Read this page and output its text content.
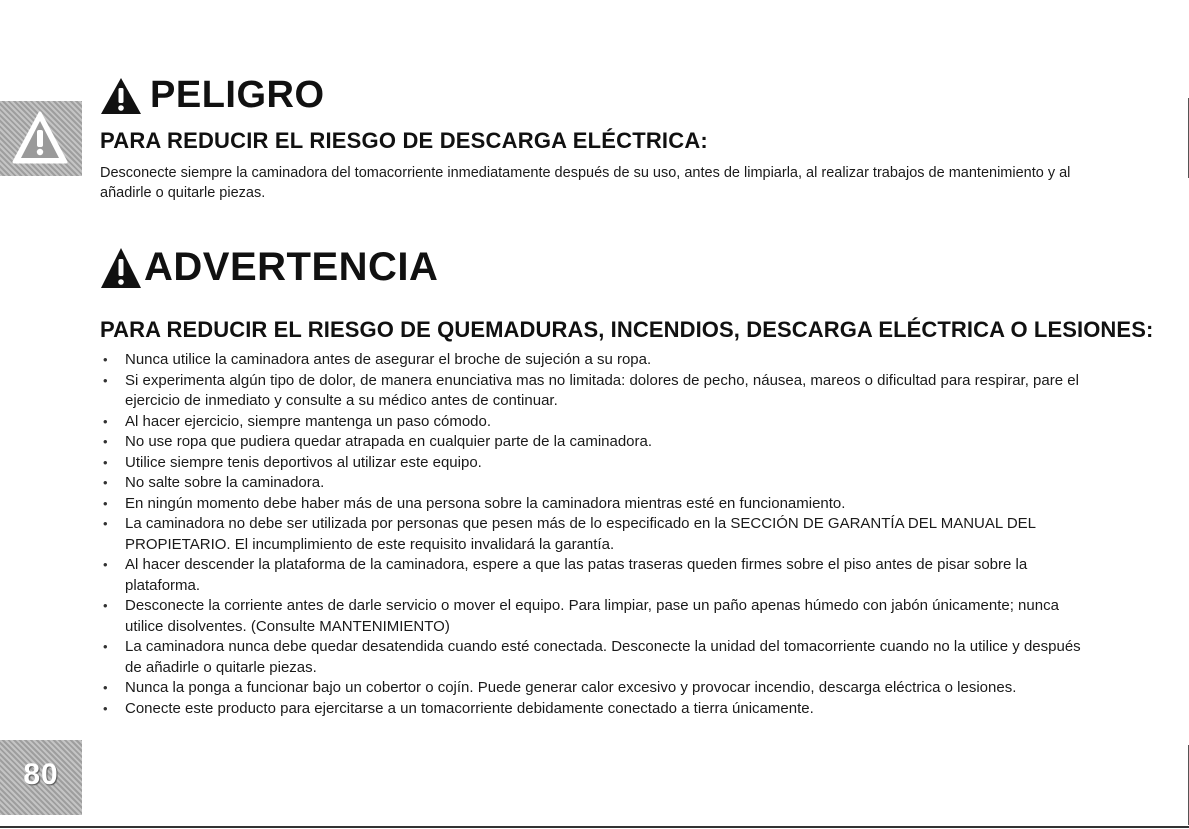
PELIGRO
PARA REDUCIR EL RIESGO DE DESCARGA ELÉCTRICA:

Desconecte siempre la caminadora del tomacorriente inmediatamente después de su uso, antes de limpiarla, al realizar trabajos de mantenimiento y al añadirle o quitarle piezas.

ADVERTENCIA
PARA REDUCIR EL RIESGO DE QUEMADURAS, INCENDIOS, DESCARGA ELÉCTRICA O LESIONES:
• Nunca utilice la caminadora antes de asegurar el broche de sujeción a su ropa.
• Si experimenta algún tipo de dolor, de manera enunciativa mas no limitada: dolores de pecho, náusea, mareos o dificultad para respirar, pare el ejercicio de inmediato y consulte a su médico antes de continuar.
• Al hacer ejercicio, siempre mantenga un paso cómodo.
• No use ropa que pudiera quedar atrapada en cualquier parte de la caminadora.
• Utilice siempre tenis deportivos al utilizar este equipo.
• No salte sobre la caminadora.
• En ningún momento debe haber más de una persona sobre la caminadora mientras esté en funcionamiento.
• La caminadora no debe ser utilizada por personas que pesen más de lo especificado en la SECCIÓN DE GARANTÍA DEL MANUAL DEL PROPIETARIO. El incumplimiento de este requisito invalidará la garantía.
• Al hacer descender la plataforma de la caminadora, espere a que las patas traseras queden firmes sobre el piso antes de pisar sobre la plataforma.
• Desconecte la corriente antes de darle servicio o mover el equipo. Para limpiar, pase un paño apenas húmedo con jabón únicamente; nunca utilice disolventes. (Consulte MANTENIMIENTO)
• La caminadora nunca debe quedar desatendida cuando esté conectada. Desconecte la unidad del tomacorriente cuando no la utilice y después de añadirle o quitarle piezas.
• Nunca la ponga a funcionar bajo un cobertor o cojín. Puede generar calor excesivo y provocar incendio, descarga eléctrica o lesiones.
• Conecte este producto para ejercitarse a un tomacorriente debidamente conectado a tierra únicamente.
80
